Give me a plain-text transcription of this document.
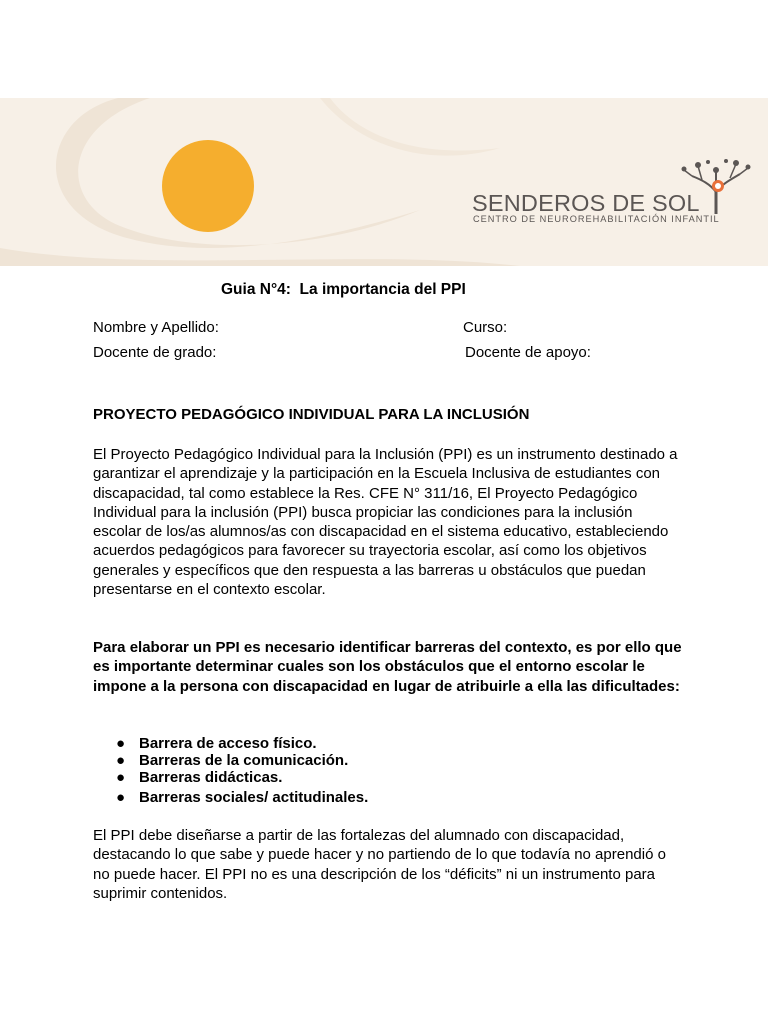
SENDEROS DE SOL
CENTRO DE NEUROREHABILITACIÓN INFANTIL
Guia N°4:  La importancia del PPI
Nombre y Apellido:	Curso:
Docente de grado:	Docente de apoyo:
PROYECTO PEDAGÓGICO INDIVIDUAL PARA LA INCLUSIÓN

El Proyecto Pedagógico Individual para la Inclusión (PPI) es un instrumento destinado a garantizar el aprendizaje y la participación en la Escuela Inclusiva de estudiantes con discapacidad, tal como establece la Res. CFE N° 311/16, El Proyecto Pedagógico Individual para la inclusión (PPI) busca propiciar las condiciones para la inclusión escolar de los/as alumnos/as con discapacidad en el sistema educativo, estableciendo acuerdos pedagógicos para favorecer su trayectoria escolar, así como los objetivos generales y específicos que den respuesta a las barreras u obstáculos que puedan presentarse en el contexto escolar.

Para elaborar un PPI es necesario identificar barreras del contexto, es por ello que es importante determinar cuales son los obstáculos que el entorno escolar le impone a la persona con discapacidad en lugar de atribuirle a ella las dificultades:

● Barrera de acceso físico.
● Barreras de la comunicación.
● Barreras didácticas.
● Barreras sociales/ actitudinales.

El PPI debe diseñarse a partir de las fortalezas del alumnado con discapacidad, destacando lo que sabe y puede hacer y no partiendo de lo que todavía no aprendió o no puede hacer. El PPI no es una descripción de los “déficits” ni un instrumento para suprimir contenidos.
